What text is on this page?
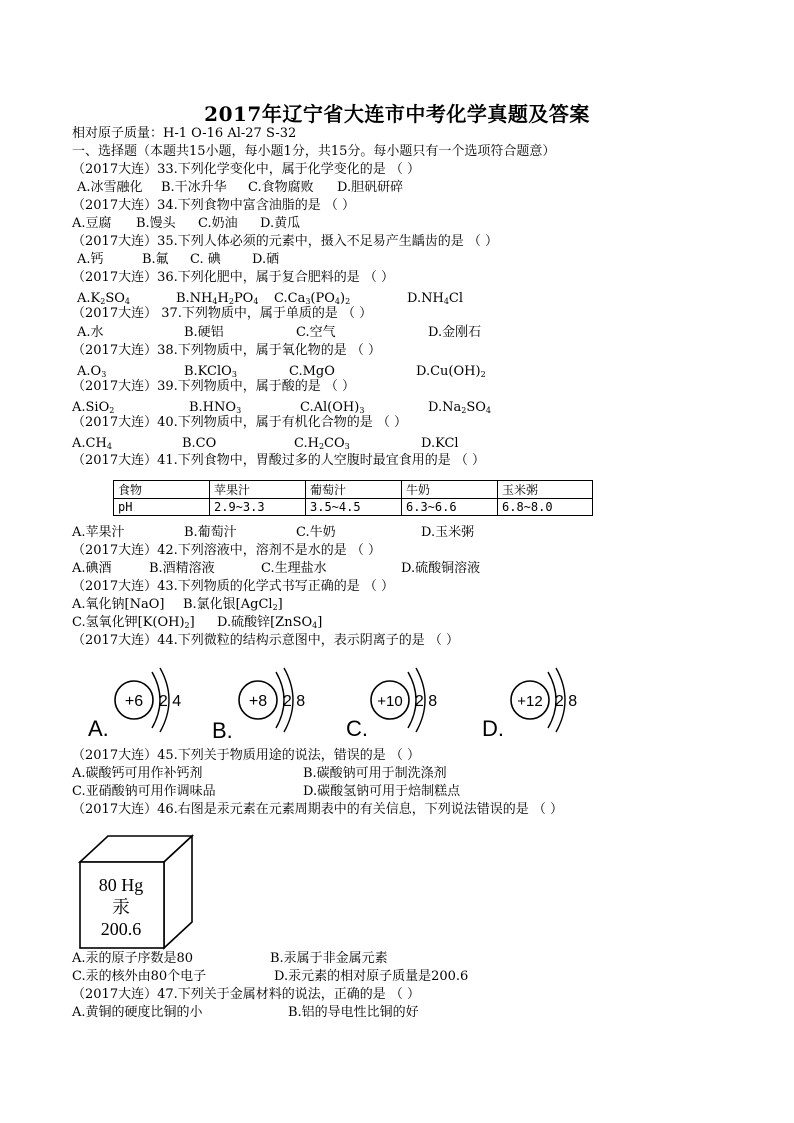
2017年辽宁省大连市中考化学真题及答案
相对原子质量：H-1 O-16 Al-27 S-32
一、选择题（本题共15小题，每小题1分，共15分。每小题只有一个选项符合题意）
（2017大连）33.下列化学变化中，属于化学变化的是 （ ）
A.冰雪融化 B.干冰升华 C.食物腐败 D.胆矾研碎
（2017大连）34.下列食物中富含油脂的是 （ ）
A.豆腐 B.馒头 C.奶油 D.黄瓜
（2017大连）35.下列人体必须的元素中，摄入不足易产生龋齿的是 （ ）
A.钙	B.氟 C. 碘 D.硒
（2017大连）36.下列化肥中，属于复合肥料的是 （ ）
$A.K_2SO_4$	$B.NH_4H_2PO_4$ $C.Ca_3(PO_4)_2$	$D.NH_4Cl$
（2017大连） 37.下列物质中，属于单质的是 （ ）
A.水	B.硬铝	C.空气	D.金刚石
（2017大连）38.下列物质中，属于氧化物的是 （ ）
$A.O_3$	B.KClO$_3$	C.MgO	$D.Cu(OH)_2$
（2017大连）39.下列物质中，属于酸的是 （ ）
A.SiO$_2$	$B.HNO_3$	$C.Al(OH)_3$	$D.Na_2SO_4$
（2017大连）40.下列物质中，属于有机化合物的是 （ ）
$A.CH_4$	B.CO	$C.H_2CO_3$	D.KCl
（2017大连）41.下列食物中，胃酸过多的人空腹时最宜食用的是 （ ）
食物	苹果汁	葡萄汁	牛奶	玉米粥
pH	2.9~3.3	3.5~4.5	6.3~6.6	6.8~8.0
A.苹果汁	B.葡萄汁	C.牛奶	D.玉米粥
（2017大连）42.下列溶液中，溶剂不是水的是 （ ）
A.碘酒	B.酒精溶液	C.生理盐水	D.硫酸铜溶液
（2017大连）43.下列物质的化学式书写正确的是 （ ）
A.氧化钠[NaO] B.氯化银[AgCl$_2$]
C.氢氧化钾$[K(OH)_2]$ D.硫酸锌[ZnSO$_4$]
（2017大连）44.下列微粒的结构示意图中，表示阴离子的是 （ ）
+6 2 4
A.
+8 2 8
B.
+10 2 8
C.
+12 2 8
D.
（2017大连）45.下列关于物质用途的说法，错误的是 （ ）
A.碳酸钙可用作补钙剂	B.碳酸钠可用于制洗涤剂
C.亚硝酸钠可用作调味品	D.碳酸氢钠可用于焙制糕点
（2017大连）46.右图是汞元素在元素周期表中的有关信息，下列说法错误的是 （ ）
80 Hg
汞
200.6
A.汞的原子序数是80	B.汞属于非金属元素
C.汞的核外由80个电子	D.汞元素的相对原子质量是200.6
（2017大连）47.下列关于金属材料的说法，正确的是 （ ）
A.黄铜的硬度比铜的小	B.铝的导电性比铜的好
